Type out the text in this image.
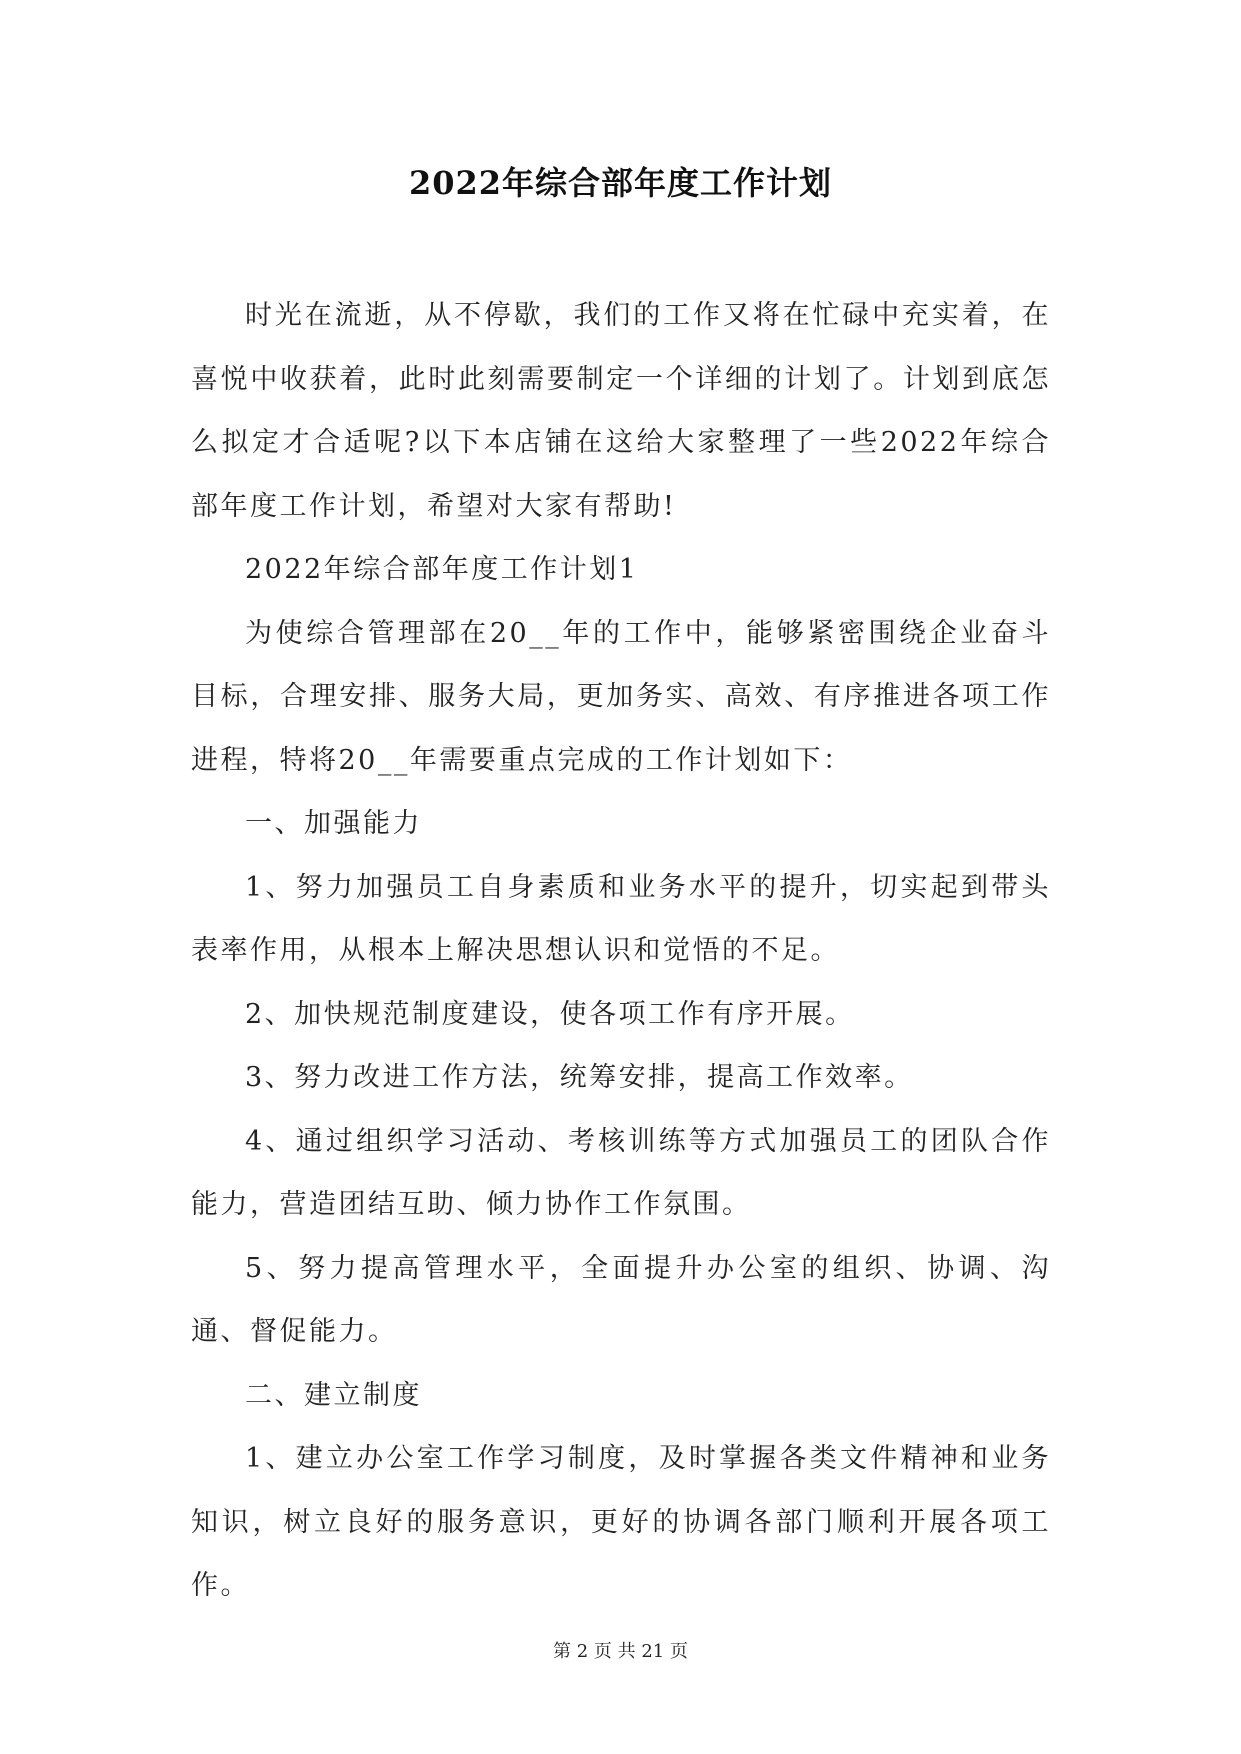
2022年综合部年度工作计划

时光在流逝，从不停歇，我们的工作又将在忙碌中充实着，在喜悦中收获着，此时此刻需要制定一个详细的计划了。计划到底怎么拟定才合适呢?以下本店铺在这给大家整理了一些2022年综合部年度工作计划，希望对大家有帮助!

2022年综合部年度工作计划1

为使综合管理部在20__年的工作中，能够紧密围绕企业奋斗目标，合理安排、服务大局，更加务实、高效、有序推进各项工作进程，特将20__年需要重点完成的工作计划如下：

一、加强能力

1、努力加强员工自身素质和业务水平的提升，切实起到带头表率作用，从根本上解决思想认识和觉悟的不足。

2、加快规范制度建设，使各项工作有序开展。

3、努力改进工作方法，统筹安排，提高工作效率。

4、通过组织学习活动、考核训练等方式加强员工的团队合作能力，营造团结互助、倾力协作工作氛围。

5、努力提高管理水平，全面提升办公室的组织、协调、沟通、督促能力。

二、建立制度

1、建立办公室工作学习制度，及时掌握各类文件精神和业务知识，树立良好的服务意识，更好的协调各部门顺利开展各项工作。

第 2 页 共 21 页
